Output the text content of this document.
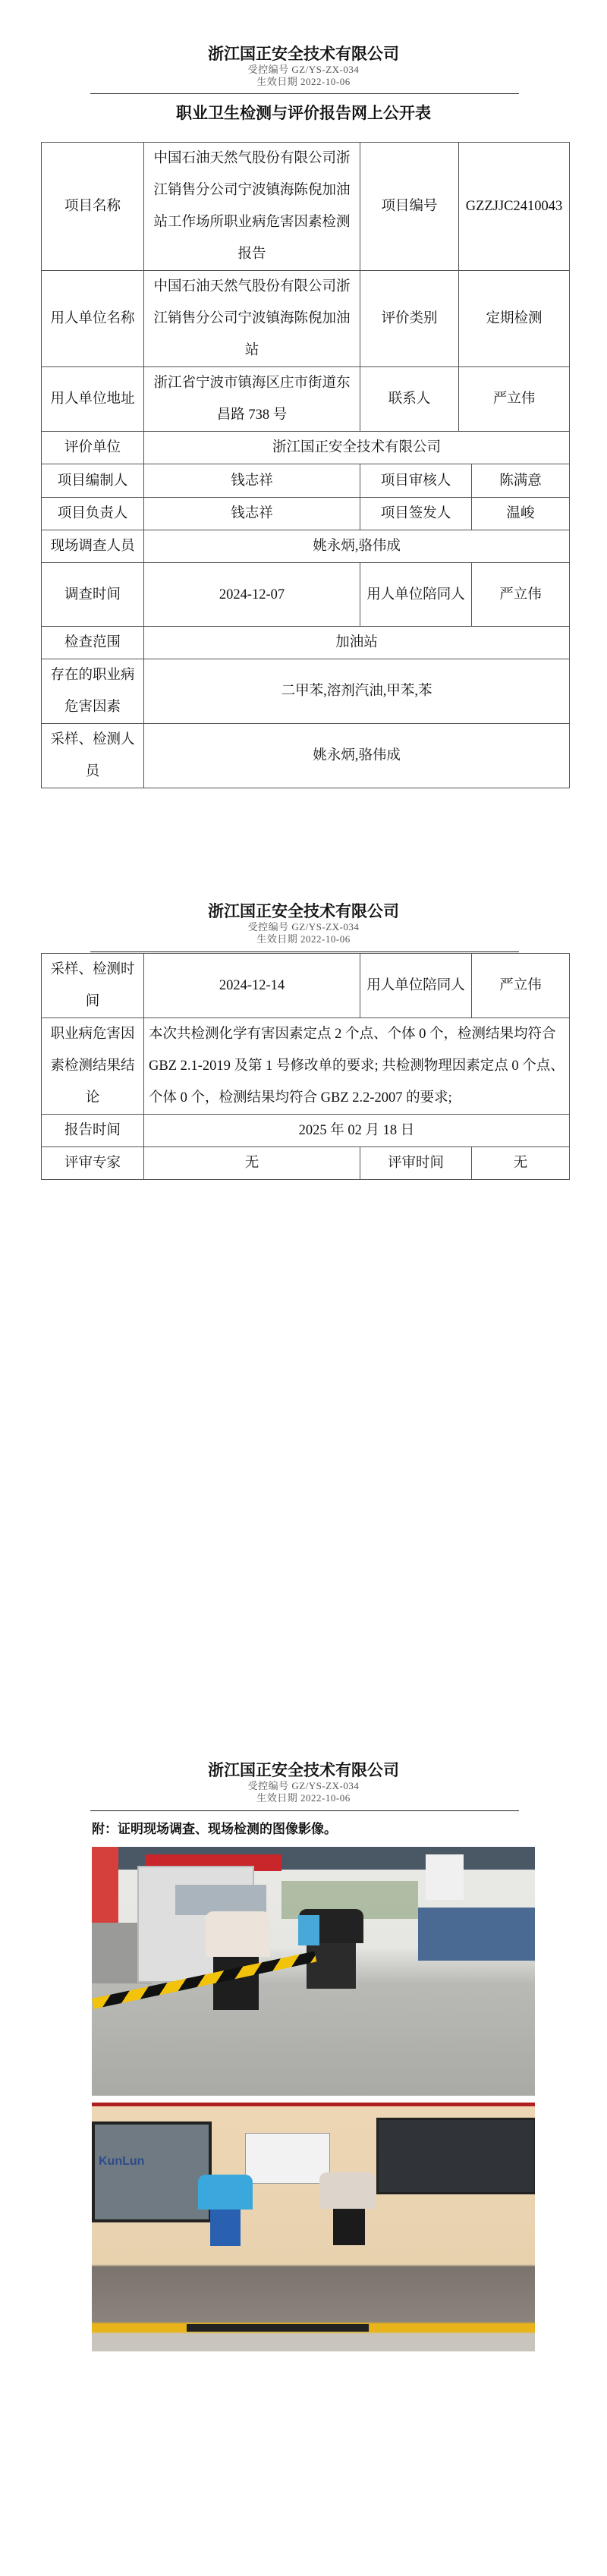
浙江国正安全技术有限公司
受控编号 GZ/YS-ZX-034
生效日期 2022-10-06
职业卫生检测与评价报告网上公开表
项目名称	中国石油天然气股份有限公司浙江销售分公司宁波镇海陈倪加油站工作场所职业病危害因素检测报告	项目编号	GZZJJC2410043	
用人单位名称	中国石油天然气股份有限公司浙江销售分公司宁波镇海陈倪加油站	评价类别	定期检测	
用人单位地址	浙江省宁波市镇海区庄市街道东昌路 738 号	联系人	严立伟	
评价单位	浙江国正安全技术有限公司			
项目编制人	钱志祥	项目审核人		陈满意
项目负责人	钱志祥	项目签发人		温峻
现场调查人员	姚永炳,骆伟成			
调查时间	2024-12-07	用人单位陪同人		严立伟
检查范围	加油站			
存在的职业病危害因素	二甲苯,溶剂汽油,甲苯,苯			
采样、检测人员	姚永炳,骆伟成			
浙江国正安全技术有限公司
受控编号 GZ/YS-ZX-034
生效日期 2022-10-06
采样、检测时间	2024-12-14	用人单位陪同人	严立伟
职业病危害因素检测结果结论	本次共检测化学有害因素定点 2 个点、个体 0 个，检测结果均符合 GBZ 2.1-2019 及第 1 号修改单的要求; 共检测物理因素定点 0 个点、个体 0 个，检测结果均符合 GBZ 2.2-2007 的要求;		
报告时间	2025 年 02 月 18 日		
评审专家	无	评审时间	无
浙江国正安全技术有限公司
受控编号 GZ/YS-ZX-034
生效日期 2022-10-06
附：证明现场调查、现场检测的图像影像。
KunLun
